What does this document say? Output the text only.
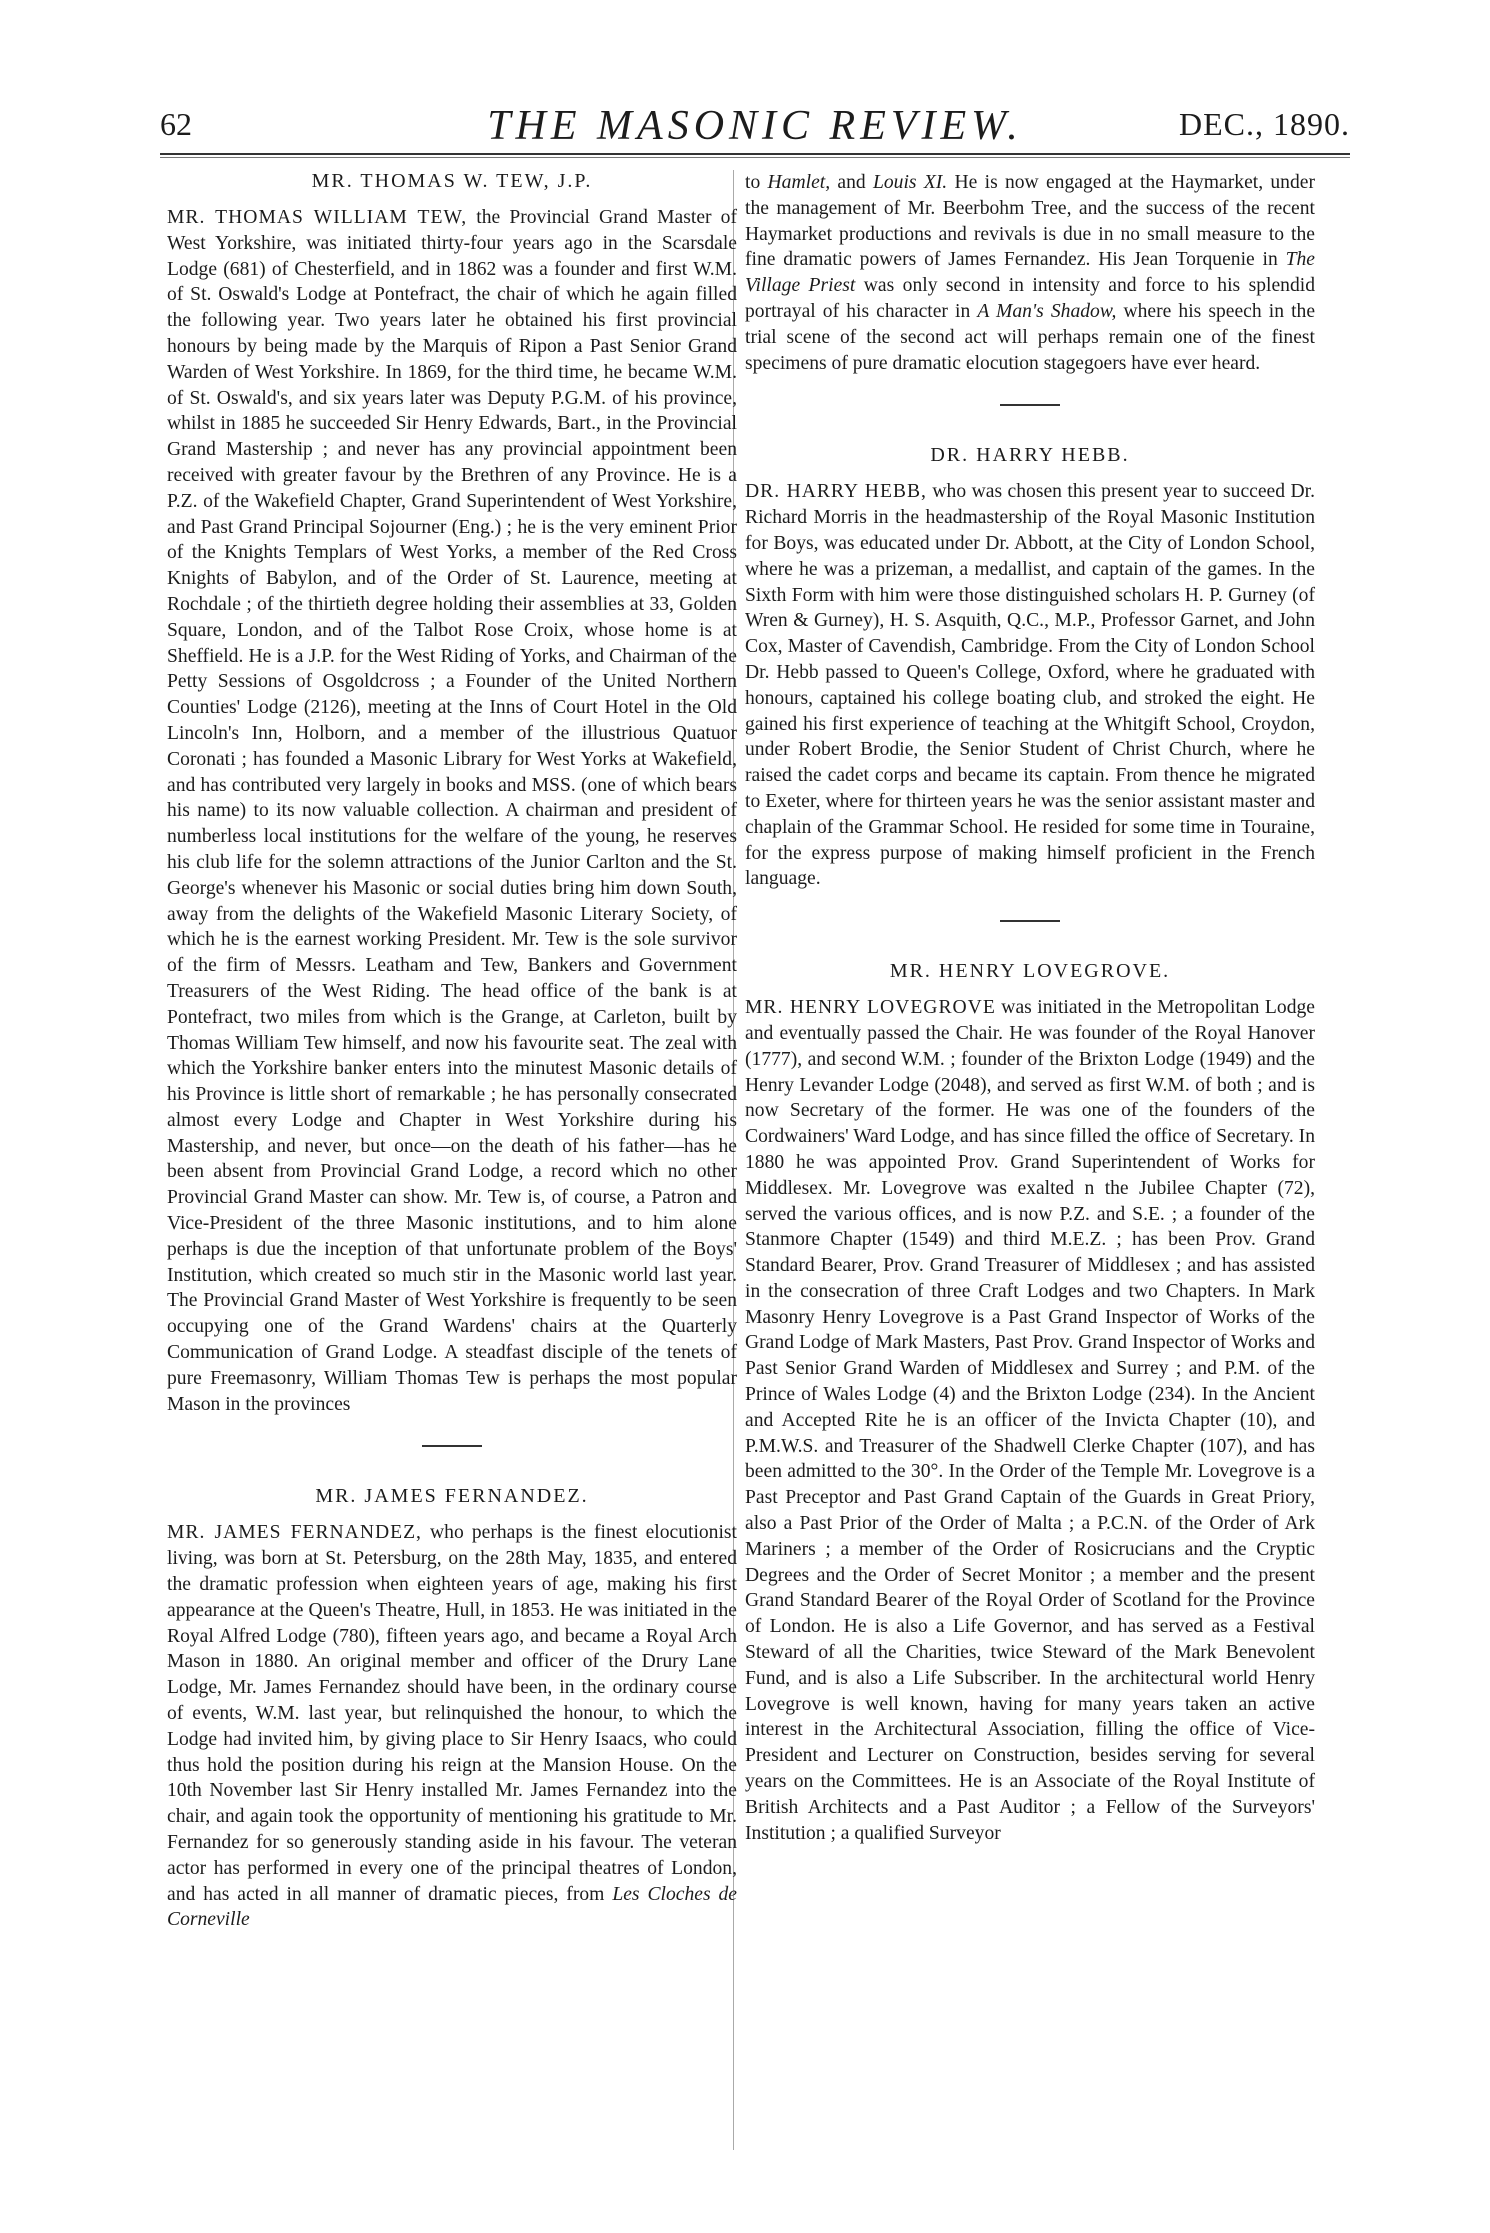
62	THE MASONIC REVIEW.	DEC., 1890.
MR. THOMAS W. TEW, J.P.

MR. THOMAS WILLIAM TEW, the Provincial Grand Master of West Yorkshire, was initiated thirty-four years ago in the Scarsdale Lodge (681) of Chesterfield, and in 1862 was a founder and first W.M. of St. Oswald's Lodge at Pontefract, the chair of which he again filled the following year. Two years later he obtained his first provincial honours by being made by the Marquis of Ripon a Past Senior Grand Warden of West Yorkshire. In 1869, for the third time, he became W.M. of St. Oswald's, and six years later was Deputy P.G.M. of his province, whilst in 1885 he succeeded Sir Henry Edwards, Bart., in the Provincial Grand Mastership ; and never has any provincial appointment been received with greater favour by the Brethren of any Province. He is a P.Z. of the Wakefield Chapter, Grand Superintendent of West Yorkshire, and Past Grand Principal Sojourner (Eng.) ; he is the very eminent Prior of the Knights Templars of West Yorks, a member of the Red Cross Knights of Babylon, and of the Order of St. Laurence, meeting at Rochdale ; of the thirtieth degree holding their assemblies at 33, Golden Square, London, and of the Talbot Rose Croix, whose home is at Sheffield. He is a J.P. for the West Riding of Yorks, and Chairman of the Petty Sessions of Osgoldcross ; a Founder of the United Northern Counties' Lodge (2126), meeting at the Inns of Court Hotel in the Old Lincoln's Inn, Holborn, and a member of the illustrious Quatuor Coronati ; has founded a Masonic Library for West Yorks at Wakefield, and has contributed very largely in books and MSS. (one of which bears his name) to its now valuable collection. A chairman and president of numberless local institutions for the welfare of the young, he reserves his club life for the solemn attractions of the Junior Carlton and the St. George's whenever his Masonic or social duties bring him down South, away from the delights of the Wakefield Masonic Literary Society, of which he is the earnest working President. Mr. Tew is the sole survivor of the firm of Messrs. Leatham and Tew, Bankers and Government Treasurers of the West Riding. The head office of the bank is at Pontefract, two miles from which is the Grange, at Carleton, built by Thomas William Tew himself, and now his favourite seat. The zeal with which the Yorkshire banker enters into the minutest Masonic details of his Province is little short of remarkable ; he has personally consecrated almost every Lodge and Chapter in West Yorkshire during his Mastership, and never, but once—on the death of his father—has he been absent from Provincial Grand Lodge, a record which no other Provincial Grand Master can show. Mr. Tew is, of course, a Patron and Vice-President of the three Masonic institutions, and to him alone perhaps is due the inception of that unfortunate problem of the Boys' Institution, which created so much stir in the Masonic world last year. The Provincial Grand Master of West Yorkshire is frequently to be seen occupying one of the Grand Wardens' chairs at the Quarterly Communication of Grand Lodge. A steadfast disciple of the tenets of pure Freemasonry, William Thomas Tew is perhaps the most popular Mason in the provinces

MR. JAMES FERNANDEZ.

MR. JAMES FERNANDEZ, who perhaps is the finest elocutionist living, was born at St. Petersburg, on the 28th May, 1835, and entered the dramatic profession when eighteen years of age, making his first appearance at the Queen's Theatre, Hull, in 1853. He was initiated in the Royal Alfred Lodge (780), fifteen years ago, and became a Royal Arch Mason in 1880. An original member and officer of the Drury Lane Lodge, Mr. James Fernandez should have been, in the ordinary course of events, W.M. last year, but relinquished the honour, to which the Lodge had invited him, by giving place to Sir Henry Isaacs, who could thus hold the position during his reign at the Mansion House. On the 10th November last Sir Henry installed Mr. James Fernandez into the chair, and again took the opportunity of mentioning his gratitude to Mr. Fernandez for so generously standing aside in his favour. The veteran actor has performed in every one of the principal theatres of London, and has acted in all manner of dramatic pieces, from Les Cloches de Corneville

to Hamlet, and Louis XI. He is now engaged at the Haymarket, under the management of Mr. Beerbohm Tree, and the success of the recent Haymarket productions and revivals is due in no small measure to the fine dramatic powers of James Fernandez. His Jean Torquenie in The Village Priest was only second in intensity and force to his splendid portrayal of his character in A Man's Shadow, where his speech in the trial scene of the second act will perhaps remain one of the finest specimens of pure dramatic elocution stagegoers have ever heard.

DR. HARRY HEBB.

DR. HARRY HEBB, who was chosen this present year to succeed Dr. Richard Morris in the headmastership of the Royal Masonic Institution for Boys, was educated under Dr. Abbott, at the City of London School, where he was a prizeman, a medallist, and captain of the games. In the Sixth Form with him were those distinguished scholars H. P. Gurney (of Wren & Gurney), H. S. Asquith, Q.C., M.P., Professor Garnet, and John Cox, Master of Cavendish, Cambridge. From the City of London School Dr. Hebb passed to Queen's College, Oxford, where he graduated with honours, captained his college boating club, and stroked the eight. He gained his first experience of teaching at the Whitgift School, Croydon, under Robert Brodie, the Senior Student of Christ Church, where he raised the cadet corps and became its captain. From thence he migrated to Exeter, where for thirteen years he was the senior assistant master and chaplain of the Grammar School. He resided for some time in Touraine, for the express purpose of making himself proficient in the French language.

MR. HENRY LOVEGROVE.

MR. HENRY LOVEGROVE was initiated in the Metropolitan Lodge and eventually passed the Chair. He was founder of the Royal Hanover (1777), and second W.M. ; founder of the Brixton Lodge (1949) and the Henry Levander Lodge (2048), and served as first W.M. of both ; and is now Secretary of the former. He was one of the founders of the Cordwainers' Ward Lodge, and has since filled the office of Secretary. In 1880 he was appointed Prov. Grand Superintendent of Works for Middlesex. Mr. Lovegrove was exalted n the Jubilee Chapter (72), served the various offices, and is now P.Z. and S.E. ; a founder of the Stanmore Chapter (1549) and third M.E.Z. ; has been Prov. Grand Standard Bearer, Prov. Grand Treasurer of Middlesex ; and has assisted in the consecration of three Craft Lodges and two Chapters. In Mark Masonry Henry Lovegrove is a Past Grand Inspector of Works of the Grand Lodge of Mark Masters, Past Prov. Grand Inspector of Works and Past Senior Grand Warden of Middlesex and Surrey ; and P.M. of the Prince of Wales Lodge (4) and the Brixton Lodge (234). In the Ancient and Accepted Rite he is an officer of the Invicta Chapter (10), and P.M.W.S. and Treasurer of the Shadwell Clerke Chapter (107), and has been admitted to the 30°. In the Order of the Temple Mr. Lovegrove is a Past Preceptor and Past Grand Captain of the Guards in Great Priory, also a Past Prior of the Order of Malta ; a P.C.N. of the Order of Ark Mariners ; a member of the Order of Rosicrucians and the Cryptic Degrees and the Order of Secret Monitor ; a member and the present Grand Standard Bearer of the Royal Order of Scotland for the Province of London. He is also a Life Governor, and has served as a Festival Steward of all the Charities, twice Steward of the Mark Benevolent Fund, and is also a Life Subscriber. In the architectural world Henry Lovegrove is well known, having for many years taken an active interest in the Architectural Association, filling the office of Vice-President and Lecturer on Construction, besides serving for several years on the Committees. He is an Associate of the Royal Institute of British Architects and a Past Auditor ; a Fellow of the Surveyors' Institution ; a qualified Surveyor
